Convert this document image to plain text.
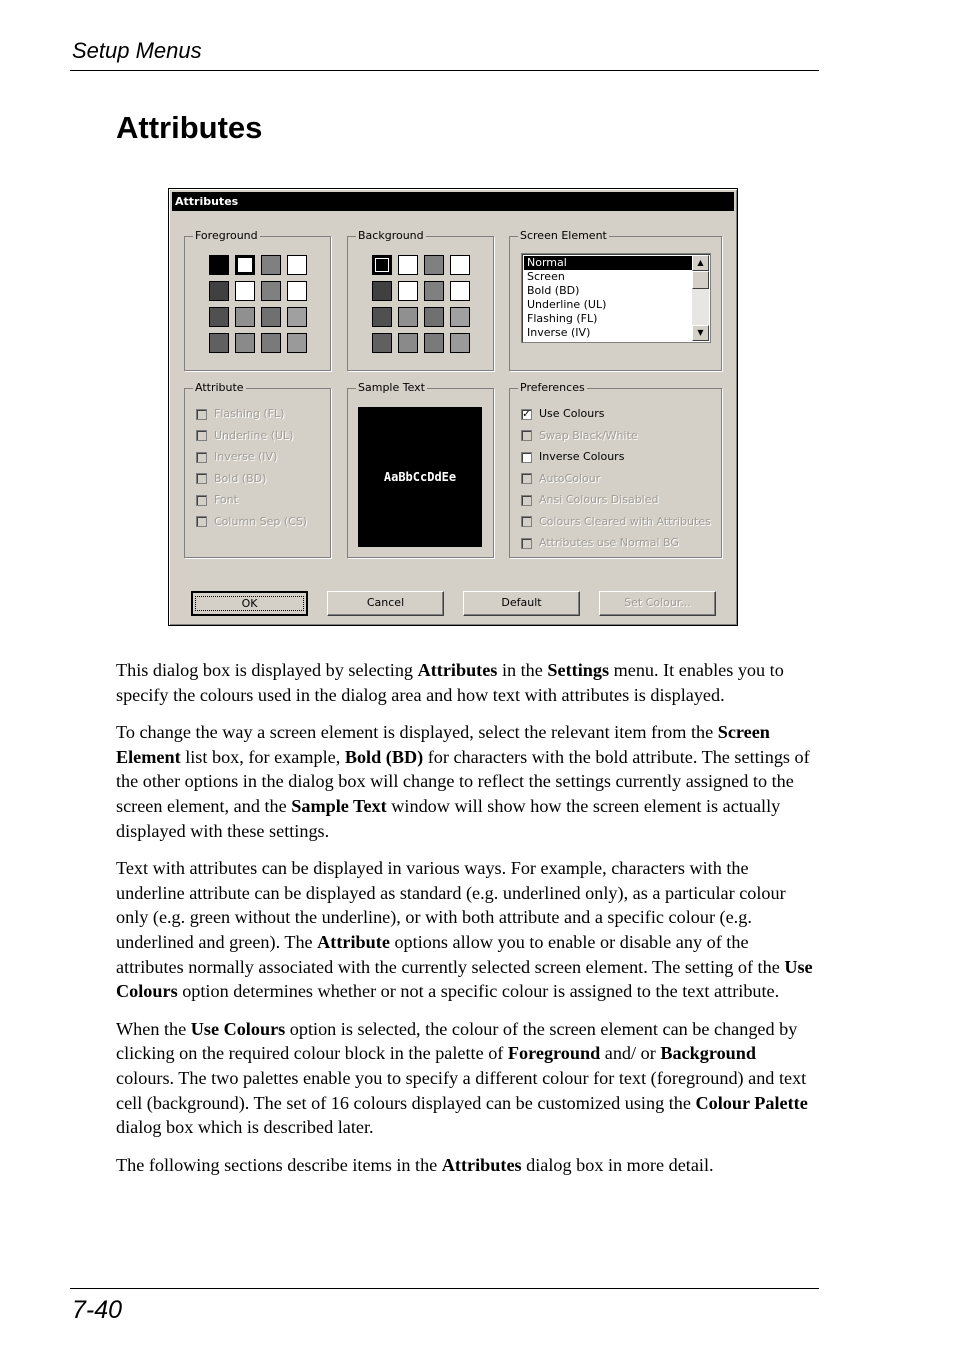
Setup Menus
Attributes
Attributes
Foreground	Background	Screen Element
Normal
Screen
Bold (BD)
Underline (UL)
Flashing (FL)
Inverse (IV)
▲
▼
Attribute
Flashing (FL)
Underline (UL)
Inverse (IV)
Bold (BD)
Font
Column Sep (CS)
Sample Text
AaBbCcDdEe
Preferences
✓ Use Colours
Swap Black/White
Inverse Colours
AutoColour
Ansi Colours Disabled
Colours Cleared with Attributes
Attributes use Normal BG
OK	Cancel	Default	Set Colour...

This dialog box is displayed by selecting Attributes in the Settings menu. It enables you to specify the colours used in the dialog area and how text with attributes is displayed.

To change the way a screen element is displayed, select the relevant item from the Screen Element list box, for example, Bold (BD) for characters with the bold attribute. The settings of the other options in the dialog box will change to reflect the settings currently assigned to the screen element, and the Sample Text window will show how the screen element is actually displayed with these settings.

Text with attributes can be displayed in various ways. For example, characters with the underline attribute can be displayed as standard (e.g. underlined only), as a particular colour only (e.g. green without the underline), or with both attribute and a specific colour (e.g. underlined and green). The Attribute options allow you to enable or disable any of the attributes normally associated with the currently selected screen element. The setting of the Use Colours option determines whether or not a specific colour is assigned to the text attribute.

When the Use Colours option is selected, the colour of the screen element can be changed by clicking on the required colour block in the palette of Foreground and/ or Background colours. The two palettes enable you to specify a different colour for text (foreground) and text cell (background). The set of 16 colours displayed can be customized using the Colour Palette dialog box which is described later.

The following sections describe items in the Attributes dialog box in more detail.

7-40
